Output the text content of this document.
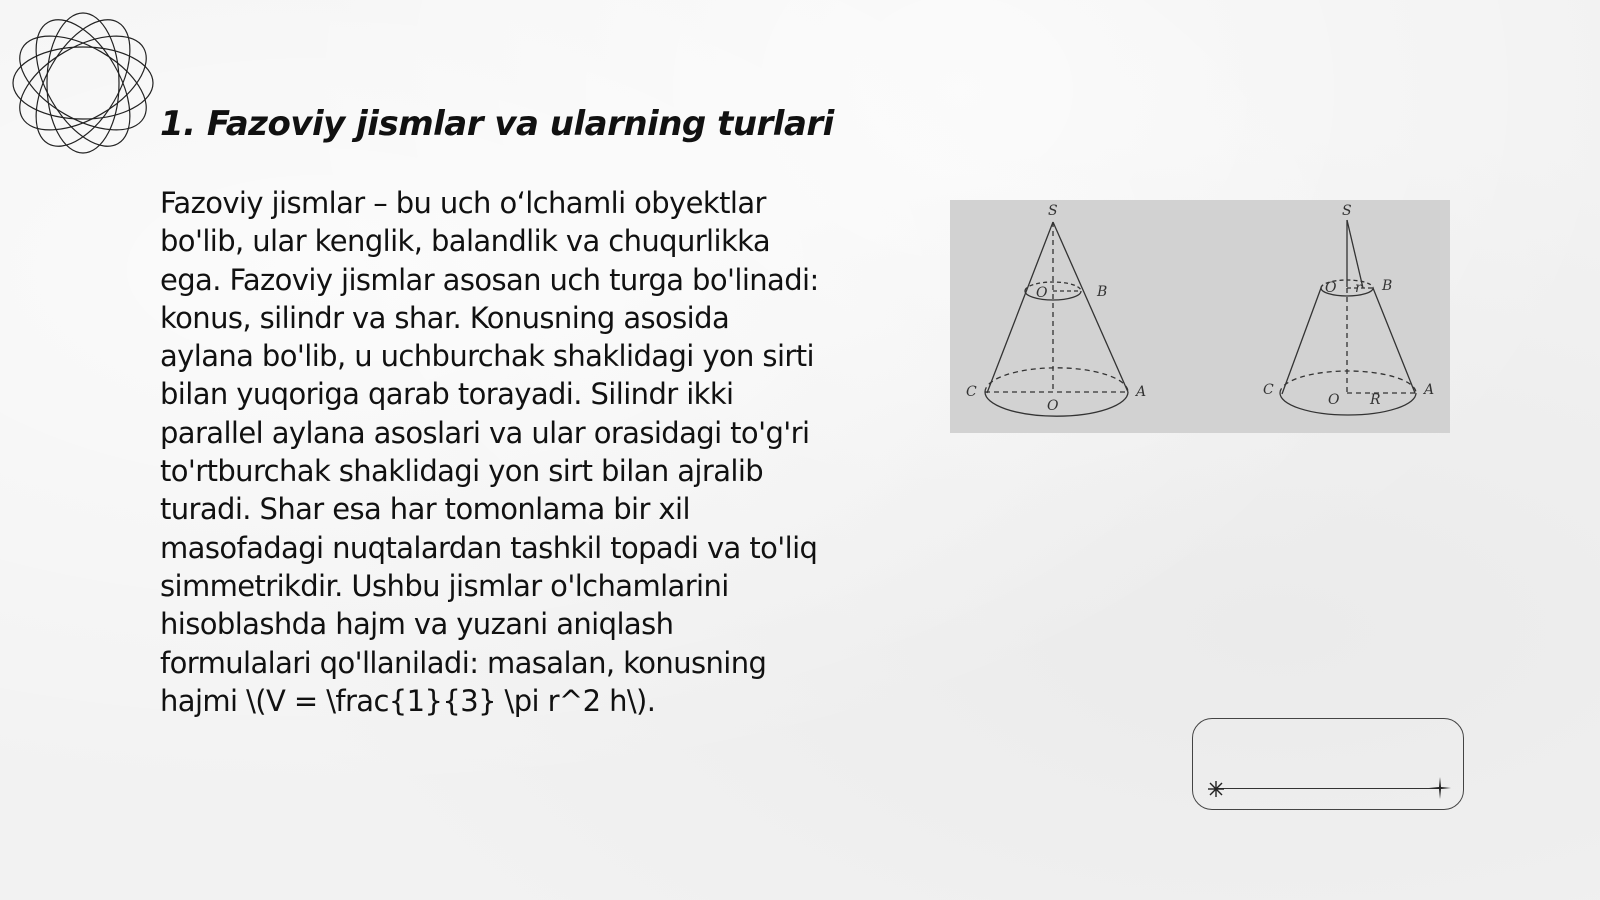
1. Fazoviy jismlar va ularning turlari

Fazoviy jismlar – bu uch o‘lchamli obyektlar bo'lib, ular kenglik, balandlik va chuqurlikka ega. Fazoviy jismlar asosan uch turga bo'linadi: konus, silindr va shar. Konusning asosida aylana bo'lib, u uchburchak shaklidagi yon sirti bilan yuqoriga qarab torayadi. Silindr ikki parallel aylana asoslari va ular orasidagi to'g'ri to'rtburchak shaklidagi yon sirt bilan ajralib turadi. Shar esa har tomonlama bir xil masofadagi nuqtalardan tashkil topadi va to'liq simmetrikdir. Ushbu jismlar o'lchamlarini hisoblashda hajm va yuzani aniqlash formulalari qo'llaniladi: masalan, konusning hajmi \(V = \frac{1}{3} \pi r^2 h\).

S
O	B
C
O
A
S
O r B
C
O R
A
